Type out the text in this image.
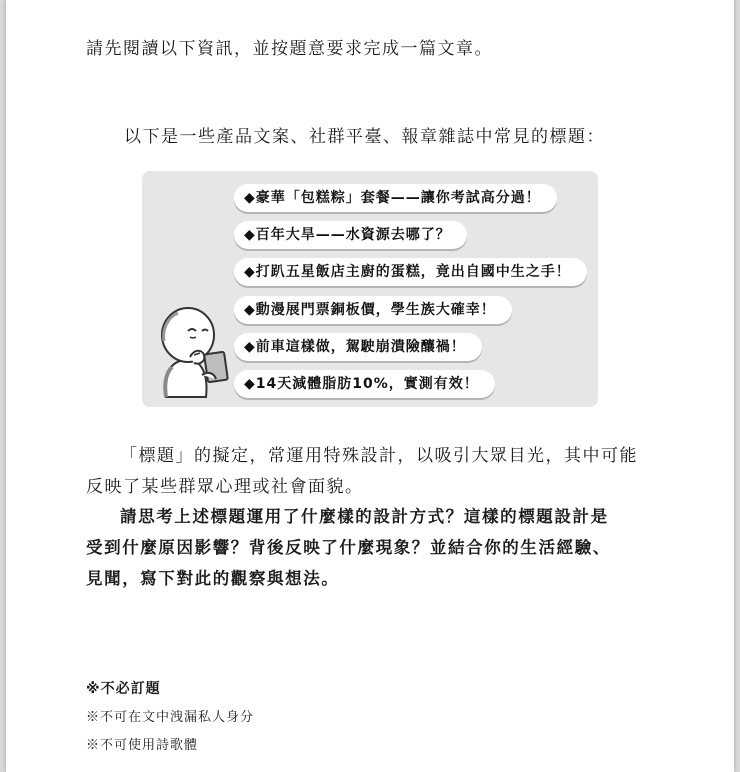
請先閱讀以下資訊，並按題意要求完成一篇文章。
以下是一些產品文案、社群平臺、報章雜誌中常見的標題：
◆豪華「包糕粽」套餐——讓你考試高分過！
◆百年大旱——水資源去哪了？
◆打趴五星飯店主廚的蛋糕，竟出自國中生之手！
◆動漫展門票銅板價，學生族大確幸！
◆前車這樣做，駕駛崩潰險釀禍！
◆14天減體脂肪10%，實測有效！
「標題」的擬定，常運用特殊設計，以吸引大眾目光，其中可能
反映了某些群眾心理或社會面貌。
請思考上述標題運用了什麼樣的設計方式？這樣的標題設計是
受到什麼原因影響？背後反映了什麼現象？並結合你的生活經驗、
見聞，寫下對此的觀察與想法。
※不必訂題
※不可在文中洩漏私人身分
※不可使用詩歌體
